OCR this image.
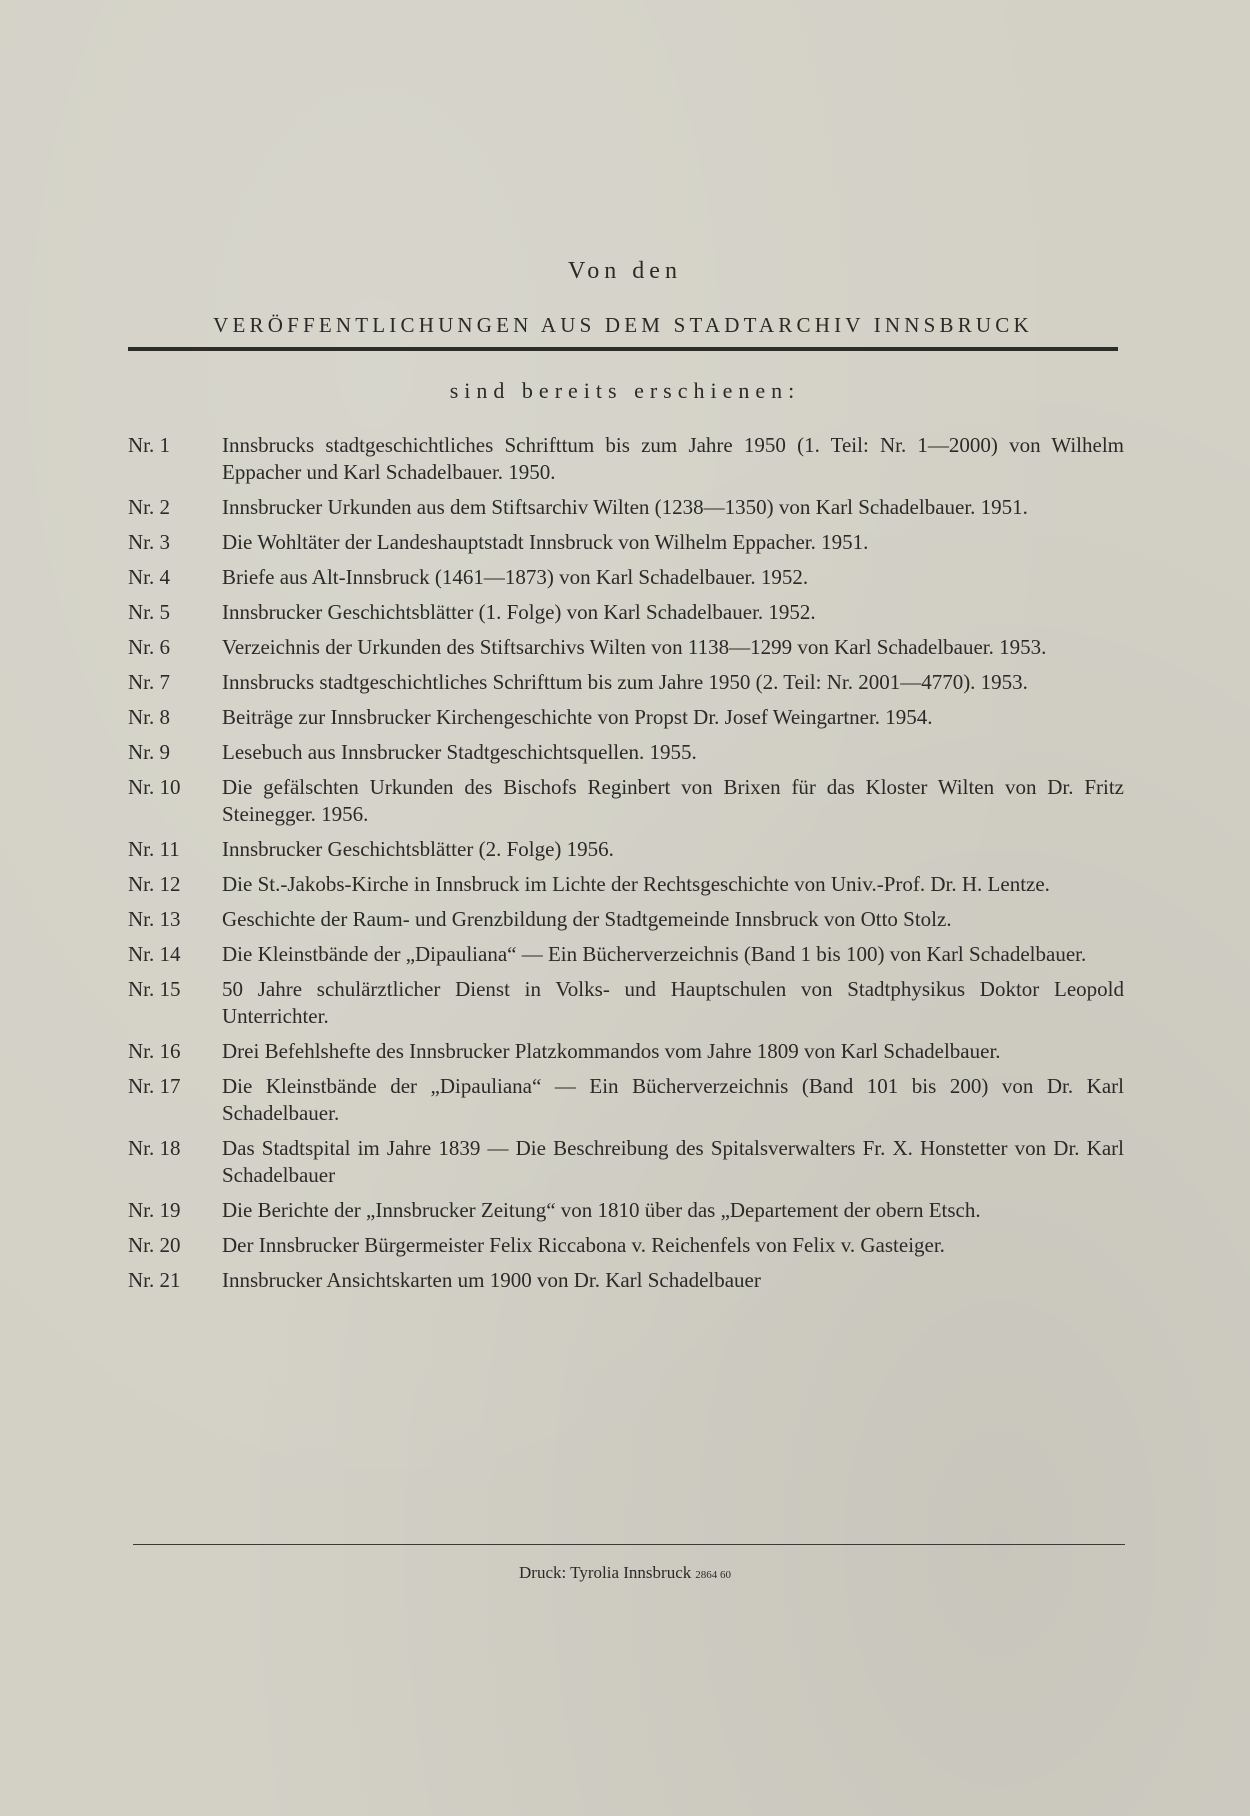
Von den
VERÖFFENTLICHUNGEN AUS DEM STADTARCHIV INNSBRUCK
sind bereits erschienen:
Nr. 1	Innsbrucks stadtgeschichtliches Schrifttum bis zum Jahre 1950 (1. Teil: Nr. 1—2000) von Wilhelm Eppacher und Karl Schadelbauer. 1950.
Nr. 2	Innsbrucker Urkunden aus dem Stiftsarchiv Wilten (1238—1350) von Karl Schadelbauer. 1951.
Nr. 3	Die Wohltäter der Landeshauptstadt Innsbruck von Wilhelm Eppacher. 1951.
Nr. 4	Briefe aus Alt-Innsbruck (1461—1873) von Karl Schadelbauer. 1952.
Nr. 5	Innsbrucker Geschichtsblätter (1. Folge) von Karl Schadelbauer. 1952.
Nr. 6	Verzeichnis der Urkunden des Stiftsarchivs Wilten von 1138—1299 von Karl Schadelbauer. 1953.
Nr. 7	Innsbrucks stadtgeschichtliches Schrifttum bis zum Jahre 1950 (2. Teil: Nr. 2001—4770). 1953.
Nr. 8	Beiträge zur Innsbrucker Kirchengeschichte von Propst Dr. Josef Weingartner. 1954.
Nr. 9	Lesebuch aus Innsbrucker Stadtgeschichtsquellen. 1955.
Nr. 10	Die gefälschten Urkunden des Bischofs Reginbert von Brixen für das Kloster Wilten von Dr. Fritz Steinegger. 1956.
Nr. 11	Innsbrucker Geschichtsblätter (2. Folge) 1956.
Nr. 12	Die St.-Jakobs-Kirche in Innsbruck im Lichte der Rechtsgeschichte von Univ.-Prof. Dr. H. Lentze.
Nr. 13	Geschichte der Raum- und Grenzbildung der Stadtgemeinde Innsbruck von Otto Stolz.
Nr. 14	Die Kleinstbände der „Dipauliana“ — Ein Bücherverzeichnis (Band 1 bis 100) von Karl Schadelbauer.
Nr. 15	50 Jahre schulärztlicher Dienst in Volks- und Hauptschulen von Stadtphysikus Doktor Leopold Unterrichter.
Nr. 16	Drei Befehlshefte des Innsbrucker Platzkommandos vom Jahre 1809 von Karl Schadelbauer.
Nr. 17	Die Kleinstbände der „Dipauliana“ — Ein Bücherverzeichnis (Band 101 bis 200) von Dr. Karl Schadelbauer.
Nr. 18	Das Stadtspital im Jahre 1839 — Die Beschreibung des Spitalsverwalters Fr. X. Honstetter von Dr. Karl Schadelbauer
Nr. 19	Die Berichte der „Innsbrucker Zeitung“ von 1810 über das „Departement der obern Etsch.
Nr. 20	Der Innsbrucker Bürgermeister Felix Riccabona v. Reichenfels von Felix v. Gasteiger.
Nr. 21	Innsbrucker Ansichtskarten um 1900 von Dr. Karl Schadelbauer
Druck: Tyrolia Innsbruck 2864 60
